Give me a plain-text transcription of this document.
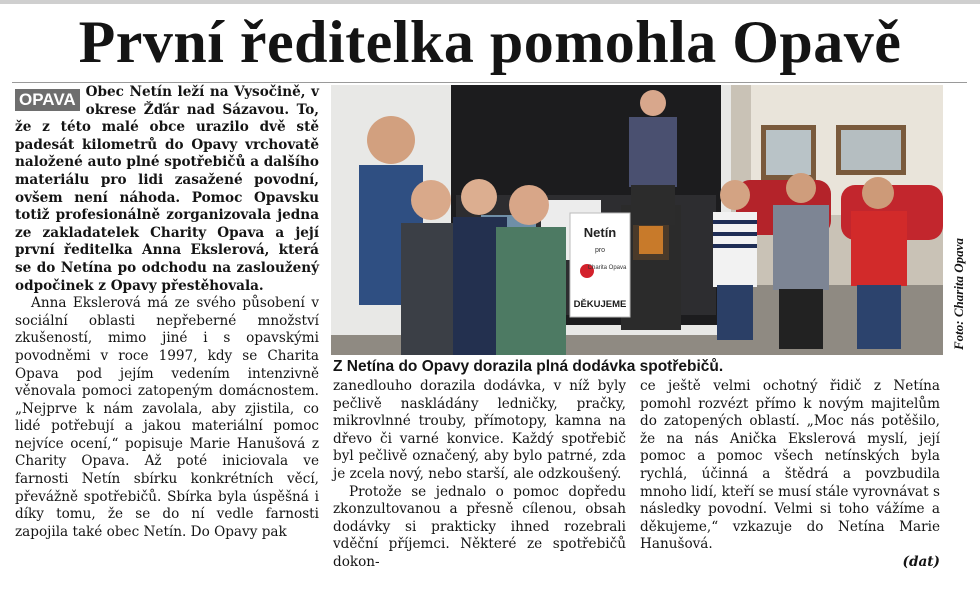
První ředitelka pomohla Opavě
OPAVA Obec Netín leží na Vysočině, v okrese Žďár nad Sázavou. To, že z této malé obce urazilo dvě stě padesát kilometrů do Opavy vrchovatě naložené auto plné spotřebičů a dalšího materiálu pro lidi zasažené povodní, ovšem není náhoda. Pomoc Opavsku totiž profesionálně zorganizovala jedna ze zakladatelek Charity Opava a její první ředitelka Anna Ekslerová, která se do Netína po odchodu na zasloužený odpočinek z Opavy přestěhovala.

Anna Ekslerová má ze svého působení v sociální oblasti nepřeberné množství zkušeností, mimo jiné i s opavskými povodněmi v roce 1997, kdy se Charita Opava pod jejím vedením intenzivně věnovala pomoci zatopeným domácnostem. „Nejprve k nám zavolala, aby zjistila, co lidé potřebují a jakou materiální pomoc nejvíce ocení,“ popisuje Marie Hanušová z Charity Opava. Až poté iniciovala ve farnosti Netín sbírku konkrétních věcí, převážně spotřebičů. Sbírka byla úspěšná i díky tomu, že se do ní vedle farnosti zapojila také obec Netín. Do Opavy pak

Netín
pro
Charita Opava
DĚKUJEME	Foto: Charita Opava
Z Netína do Opavy dorazila plná dodávka spotřebičů.

zanedlouho dorazila dodávka, v níž byly pečlivě naskládány ledničky, pračky, mikrovlnné trouby, přímotopy, kamna na dřevo či varné konvice. Každý spotřebič byl pečlivě označený, aby bylo patrné, zda je zcela nový, nebo starší, ale odzkoušený.

Protože se jednalo o pomoc dopředu zkonzultovanou a přesně cílenou, obsah dodávky si prakticky ihned rozebrali vděční příjemci. Některé ze spotřebičů dokon-

ce ještě velmi ochotný řidič z Netína pomohl rozvézt přímo k novým majitelům do zatopených oblastí. „Moc nás potěšilo, že na nás Anička Ekslerová myslí, její pomoc a pomoc všech netínských byla rychlá, účinná a štědrá a povzbudila mnoho lidí, kteří se musí stále vyrovnávat s následky povodní. Velmi si toho vážíme a děkujeme,“ vzkazuje do Netína Marie Hanušová.

(dat)
